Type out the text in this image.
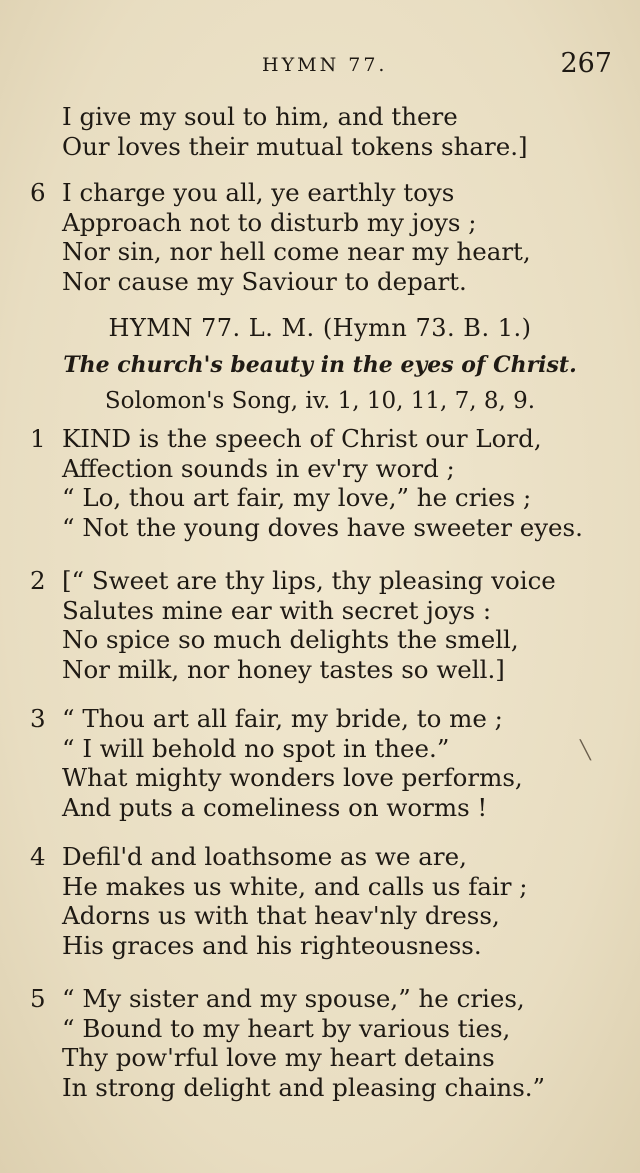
HYMN 77.	267
I give my soul to him, and there
Our loves their mutual tokens share.]
6 I charge you all, ye earthly toys
Approach not to disturb my joys ;
Nor sin, nor hell come near my heart,
Nor cause my Saviour to depart.
HYMN 77. L. M. (Hymn 73. B. 1.)
The church's beauty in the eyes of Christ.
Solomon's Song, iv. 1, 10, 11, 7, 8, 9.
1 KIND is the speech of Christ our Lord,
Affection sounds in ev'ry word ;
“ Lo, thou art fair, my love,” he cries ;
“ Not the young doves have sweeter eyes.
2 [“ Sweet are thy lips, thy pleasing voice
Salutes mine ear with secret joys :
No spice so much delights the smell,
Nor milk, nor honey tastes so well.]
3 “ Thou art all fair, my bride, to me ;
“ I will behold no spot in thee.”
What mighty wonders love performs,
And puts a comeliness on worms !
4 Defil'd and loathsome as we are,
He makes us white, and calls us fair ;
Adorns us with that heav'nly dress,
His graces and his righteousness.
5 “ My sister and my spouse,” he cries,
“ Bound to my heart by various ties,
Thy pow'rful love my heart detains
In strong delight and pleasing chains.”
╲
